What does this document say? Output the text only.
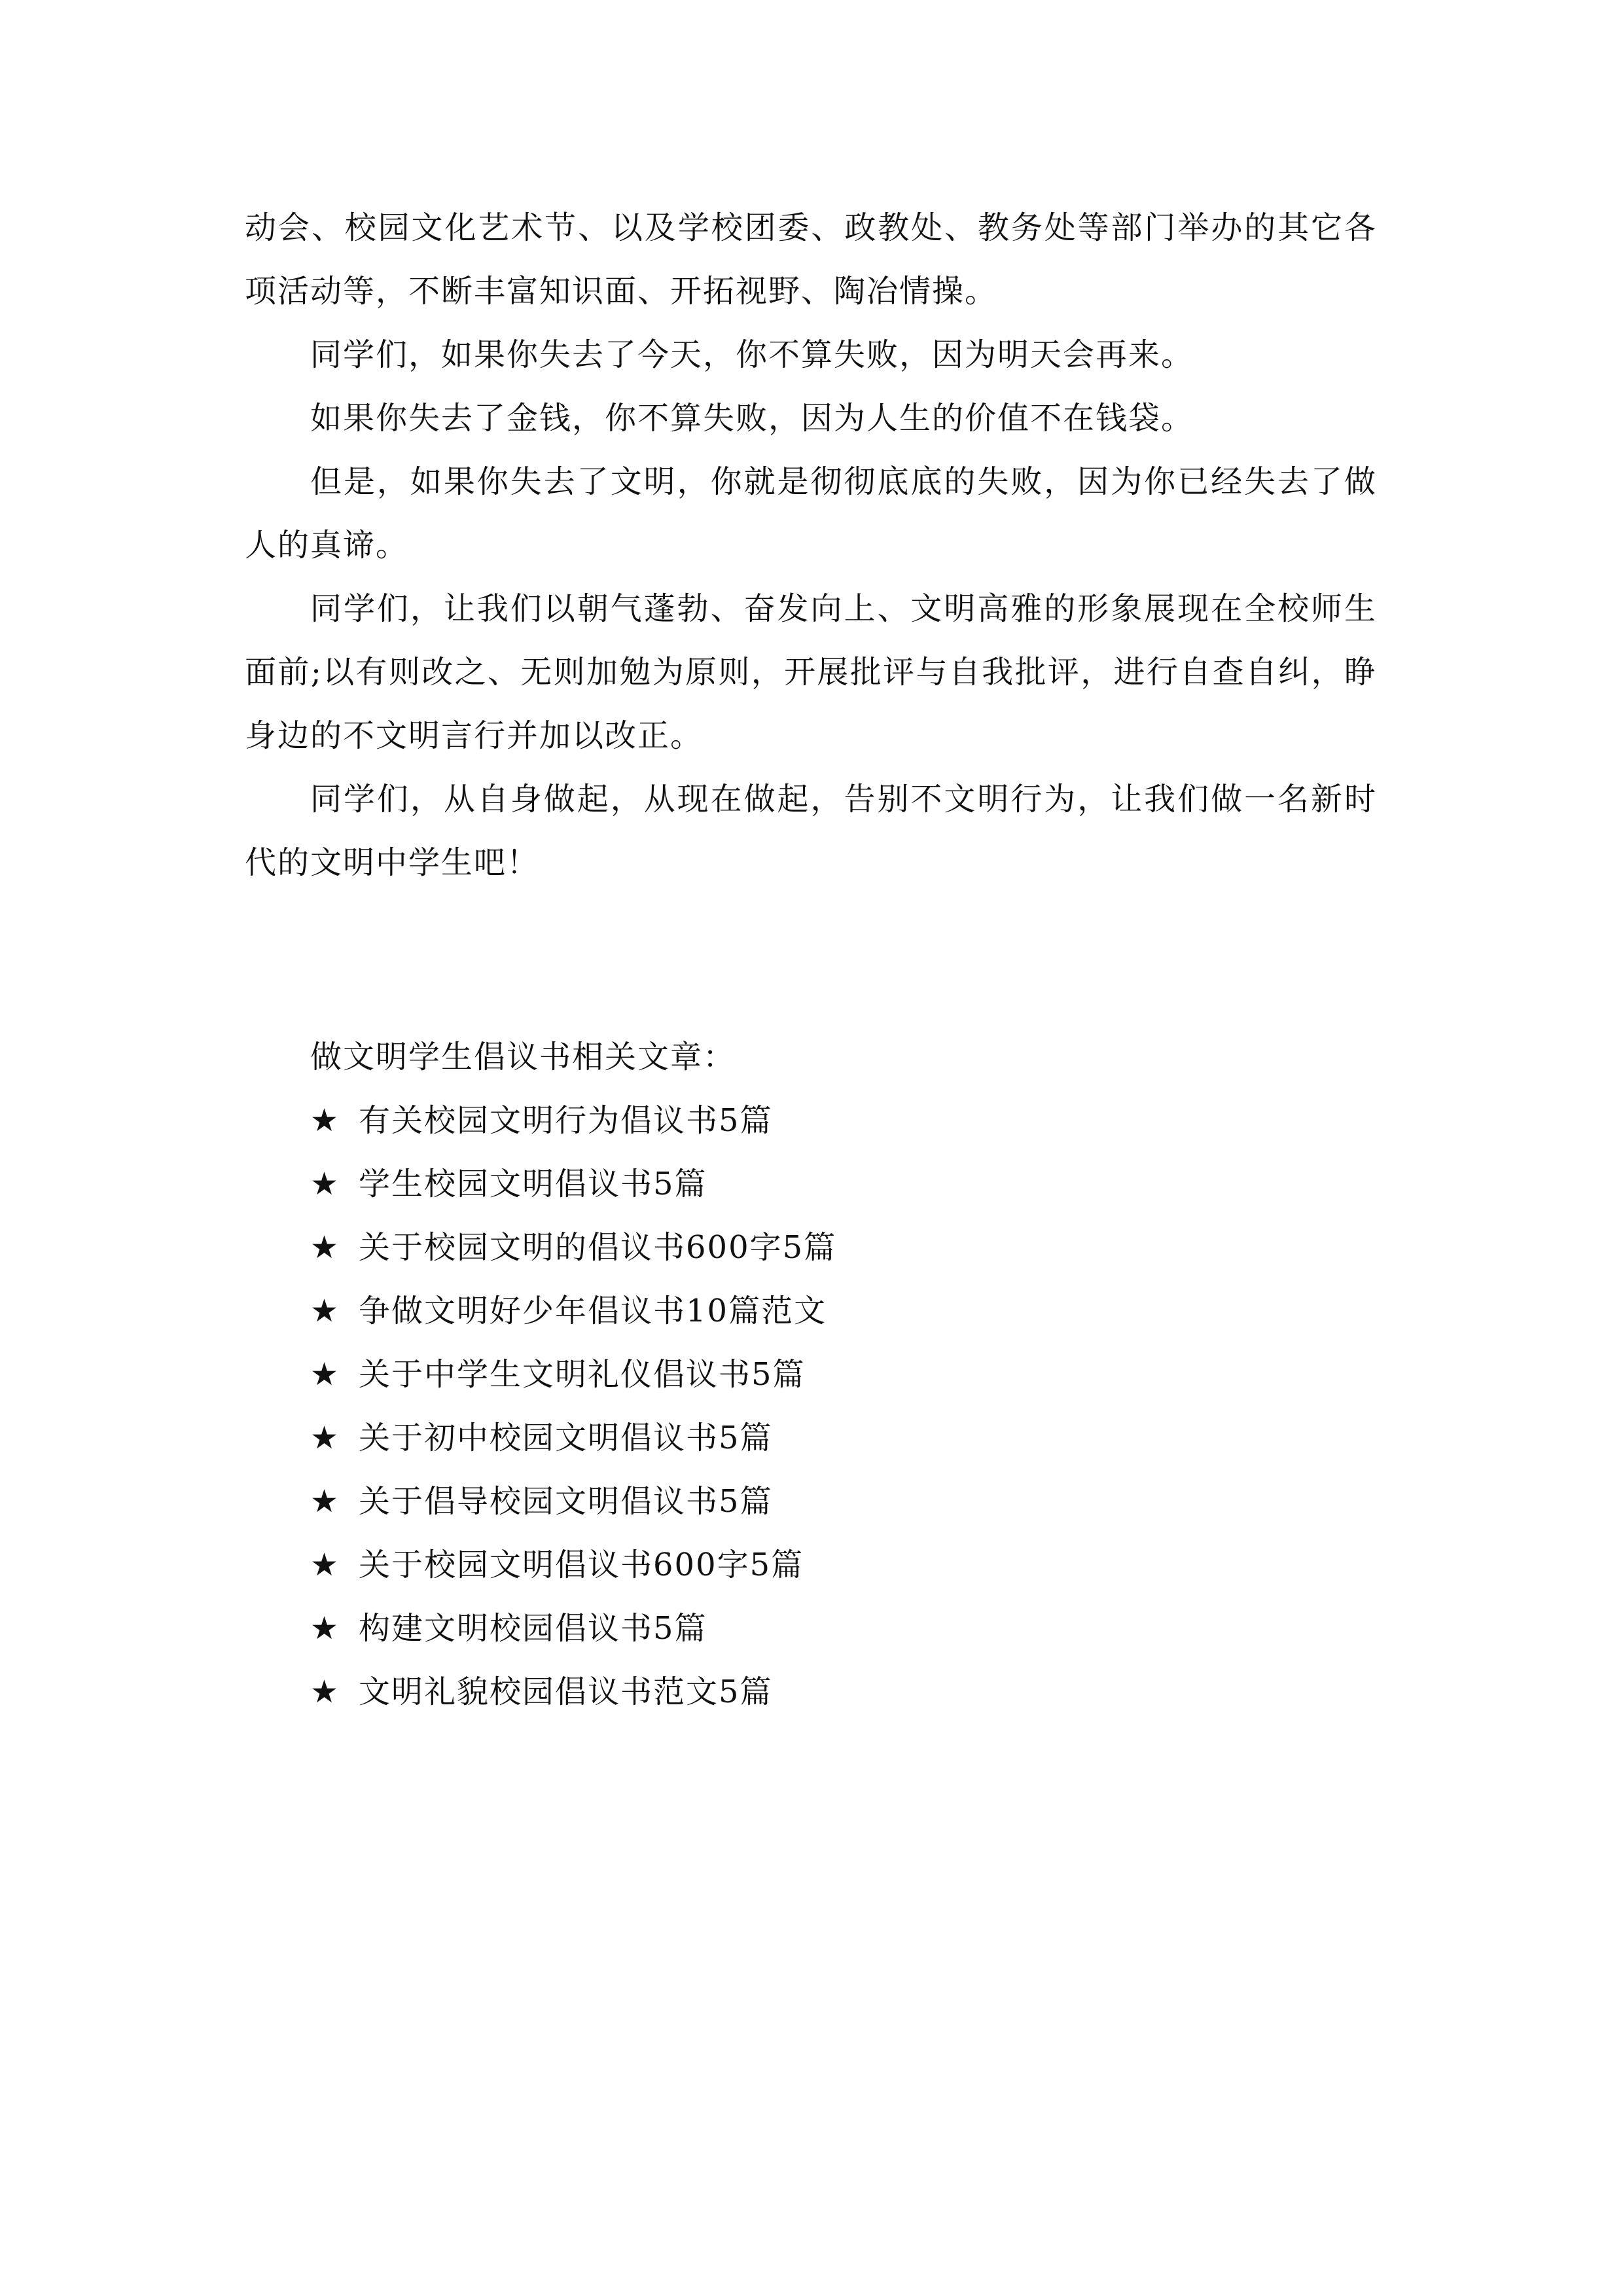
动会、校园文化艺术节、以及学校团委、政教处、教务处等部门举办的其它各项活动等，不断丰富知识面、开拓视野、陶冶情操。

同学们，如果你失去了今天，你不算失败，因为明天会再来。

如果你失去了金钱，你不算失败，因为人生的价值不在钱袋。

但是，如果你失去了文明，你就是彻彻底底的失败，因为你已经失去了做人的真谛。

同学们，让我们以朝气蓬勃、奋发向上、文明高雅的形象展现在全校师生面前;以有则改之、无则加勉为原则，开展批评与自我批评，进行自查自纠，睁身边的不文明言行并加以改正。

同学们，从自身做起，从现在做起，告别不文明行为，让我们做一名新时代的文明中学生吧！

做文明学生倡议书相关文章：

★ 有关校园文明行为倡议书5篇
★ 学生校园文明倡议书5篇
★ 关于校园文明的倡议书600字5篇
★ 争做文明好少年倡议书10篇范文
★ 关于中学生文明礼仪倡议书5篇
★ 关于初中校园文明倡议书5篇
★ 关于倡导校园文明倡议书5篇
★ 关于校园文明倡议书600字5篇
★ 构建文明校园倡议书5篇
★ 文明礼貌校园倡议书范文5篇
